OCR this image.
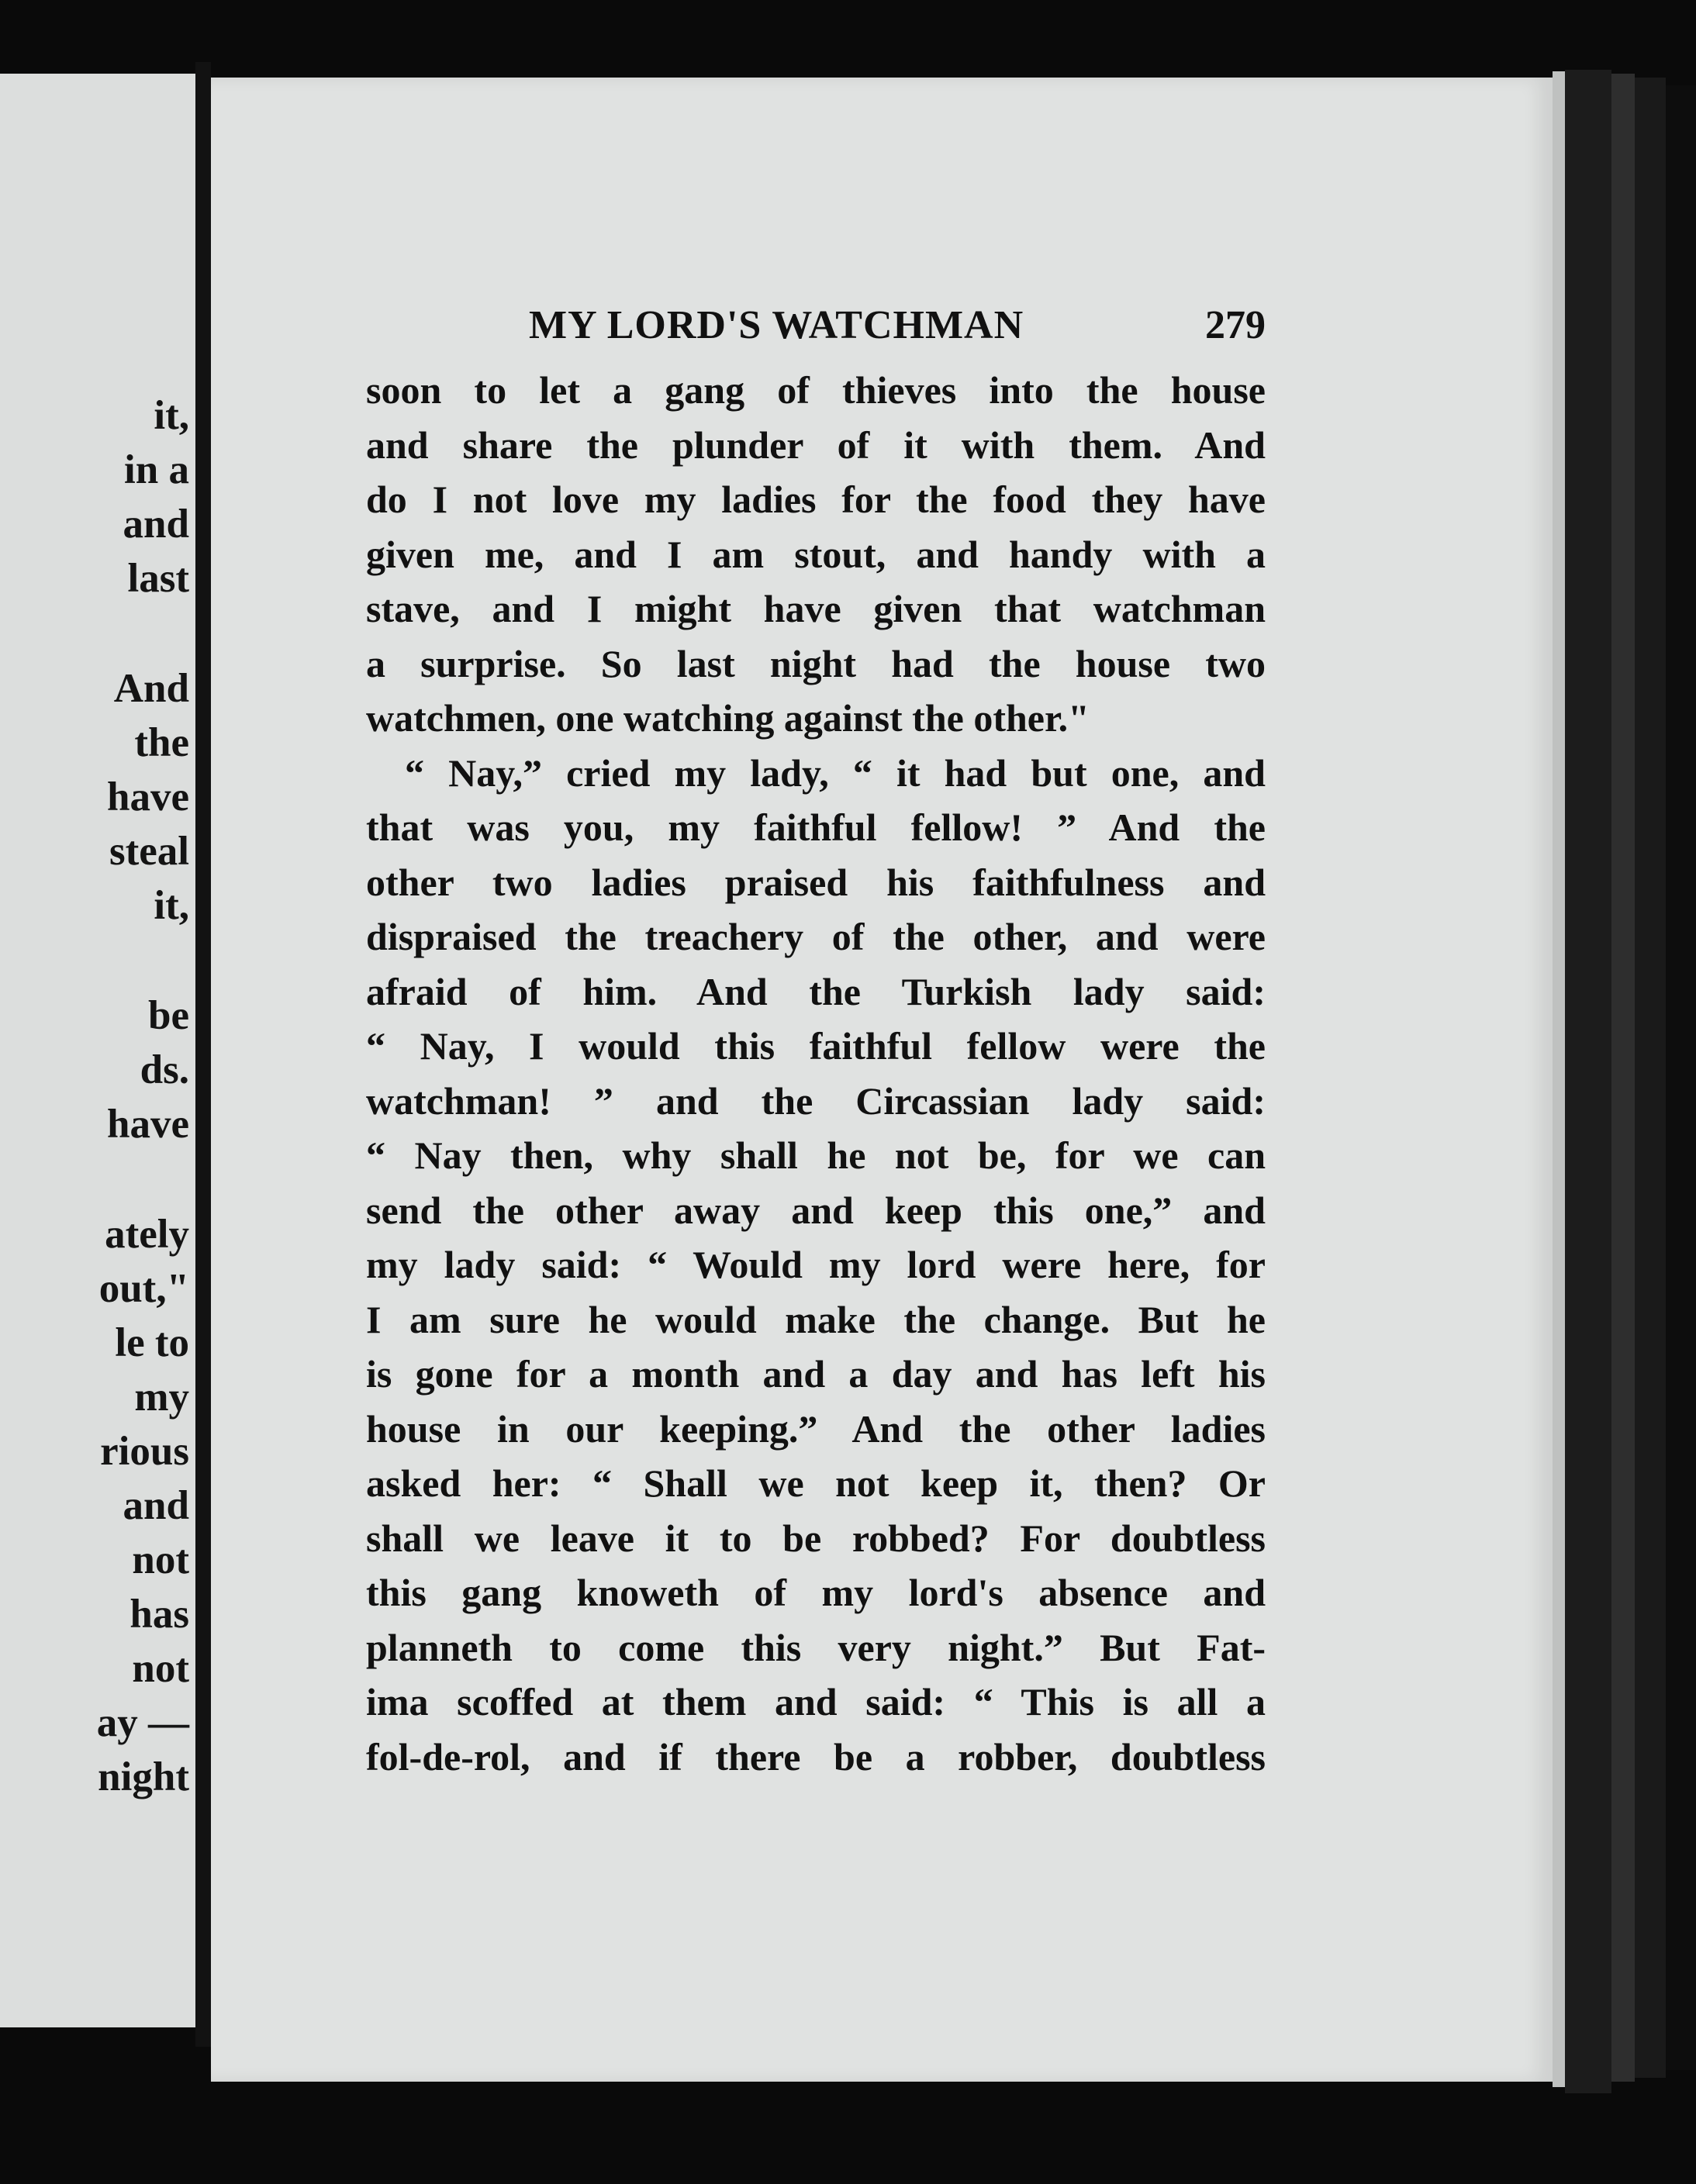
it,
in a
and
last
And
the
have
steal
it,
be
ds.
have
ately
out,"
le to
my
rious
and
not
has
not
ay —
night
MY LORD'S WATCHMAN	279
soon to let a gang of thieves into the house
and share the plunder of it with them. And
do I not love my ladies for the food they have
given me, and I am stout, and handy with a
stave, and I might have given that watchman
a surprise. So last night had the house two
watchmen, one watching against the other."
“ Nay,” cried my lady, “ it had but one, and
that was you, my faithful fellow! ” And the
other two ladies praised his faithfulness and
dispraised the treachery of the other, and were
afraid of him. And the Turkish lady said:
“ Nay, I would this faithful fellow were the
watchman! ” and the Circassian lady said:
“ Nay then, why shall he not be, for we can
send the other away and keep this one,” and
my lady said: “ Would my lord were here, for
I am sure he would make the change. But he
is gone for a month and a day and has left his
house in our keeping.” And the other ladies
asked her: “ Shall we not keep it, then? Or
shall we leave it to be robbed? For doubtless
this gang knoweth of my lord's absence and
planneth to come this very night.” But Fat-
ima scoffed at them and said: “ This is all a
fol-de-rol, and if there be a robber, doubtless
